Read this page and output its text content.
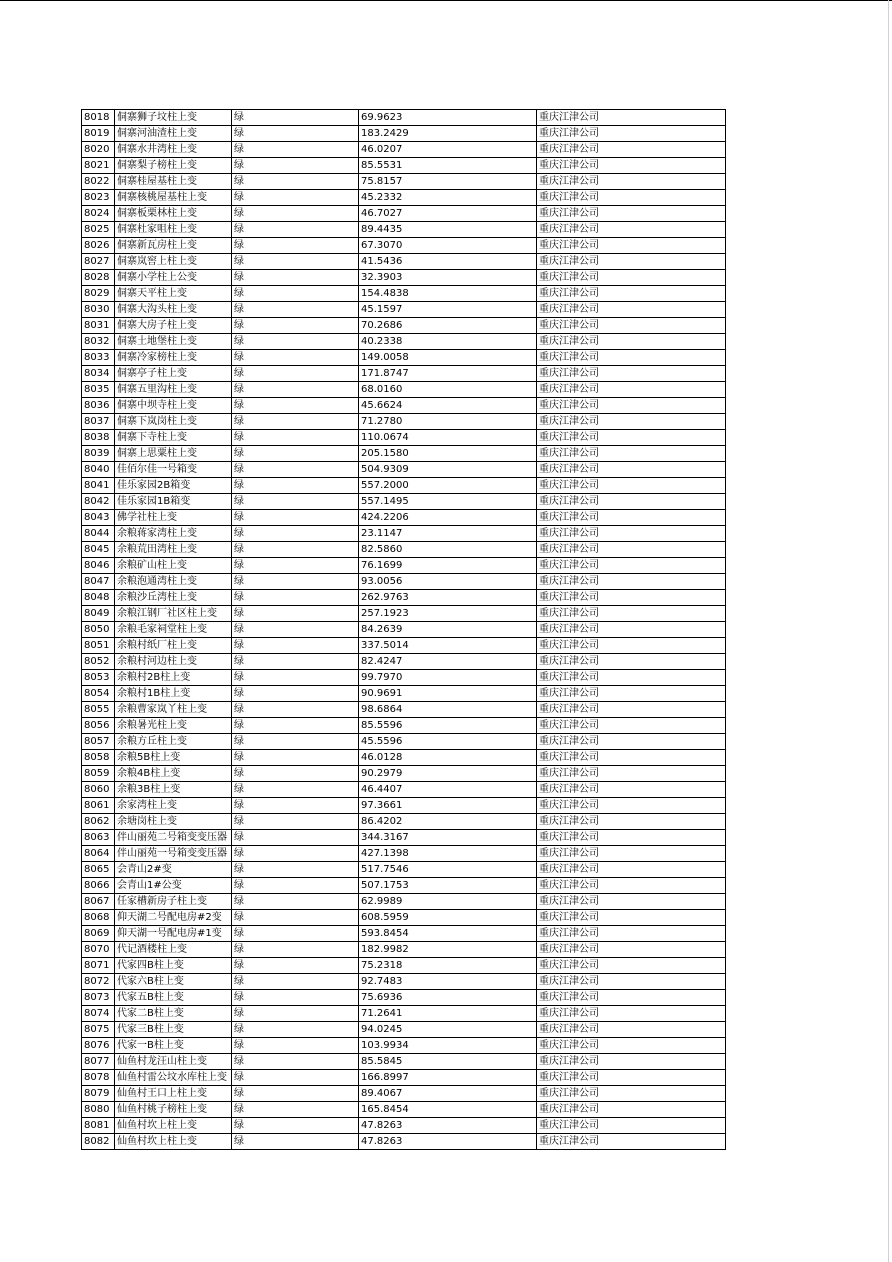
8018	侗寨狮子坟柱上变	绿	69.9623	重庆江津公司
8019	侗寨河油渣柱上变	绿	183.2429	重庆江津公司
8020	侗寨水井湾柱上变	绿	46.0207	重庆江津公司
8021	侗寨梨子榜柱上变	绿	85.5531	重庆江津公司
8022	侗寨桂屋基柱上变	绿	75.8157	重庆江津公司
8023	侗寨核桃屋基柱上变	绿	45.2332	重庆江津公司
8024	侗寨板栗林柱上变	绿	46.7027	重庆江津公司
8025	侗寨杜家咀柱上变	绿	89.4435	重庆江津公司
8026	侗寨新瓦房柱上变	绿	67.3070	重庆江津公司
8027	侗寨岚窖上柱上变	绿	41.5436	重庆江津公司
8028	侗寨小学柱上公变	绿	32.3903	重庆江津公司
8029	侗寨天平柱上变	绿	154.4838	重庆江津公司
8030	侗寨大沟头柱上变	绿	45.1597	重庆江津公司
8031	侗寨大房子柱上变	绿	70.2686	重庆江津公司
8032	侗寨土地堡柱上变	绿	40.2338	重庆江津公司
8033	侗寨冷家榜柱上变	绿	149.0058	重庆江津公司
8034	侗寨亭子柱上变	绿	171.8747	重庆江津公司
8035	侗寨五里沟柱上变	绿	68.0160	重庆江津公司
8036	侗寨中坝寺柱上变	绿	45.6624	重庆江津公司
8037	侗寨下岚岗柱上变	绿	71.2780	重庆江津公司
8038	侗寨下寺柱上变	绿	110.0674	重庆江津公司
8039	侗寨上思粟柱上变	绿	205.1580	重庆江津公司
8040	佳佰尔佳一号箱变	绿	504.9309	重庆江津公司
8041	佳乐家园2B箱变	绿	557.2000	重庆江津公司
8042	佳乐家园1B箱变	绿	557.1495	重庆江津公司
8043	佛学社柱上变	绿	424.2206	重庆江津公司
8044	余粮蒋家湾柱上变	绿	23.1147	重庆江津公司
8045	余粮荒田湾柱上变	绿	82.5860	重庆江津公司
8046	余粮矿山柱上变	绿	76.1699	重庆江津公司
8047	余粮泡通湾柱上变	绿	93.0056	重庆江津公司
8048	余粮沙丘湾柱上变	绿	262.9763	重庆江津公司
8049	余粮江钢厂社区柱上变	绿	257.1923	重庆江津公司
8050	余粮毛家祠堂柱上变	绿	84.2639	重庆江津公司
8051	余粮村纸厂柱上变	绿	337.5014	重庆江津公司
8052	余粮村河边柱上变	绿	82.4247	重庆江津公司
8053	余粮村2B柱上变	绿	99.7970	重庆江津公司
8054	余粮村1B柱上变	绿	90.9691	重庆江津公司
8055	余粮曹家岚丫柱上变	绿	98.6864	重庆江津公司
8056	余粮暑光柱上变	绿	85.5596	重庆江津公司
8057	余粮方丘柱上变	绿	45.5596	重庆江津公司
8058	余粮5B柱上变	绿	46.0128	重庆江津公司
8059	余粮4B柱上变	绿	90.2979	重庆江津公司
8060	余粮3B柱上变	绿	46.4407	重庆江津公司
8061	余家湾柱上变	绿	97.3661	重庆江津公司
8062	余塘岗柱上变	绿	86.4202	重庆江津公司
8063	伴山丽苑二号箱变变压器	绿	344.3167	重庆江津公司
8064	伴山丽苑一号箱变变压器	绿	427.1398	重庆江津公司
8065	会青山2#变	绿	517.7546	重庆江津公司
8066	会青山1#公变	绿	507.1753	重庆江津公司
8067	任家槽新房子柱上变	绿	62.9989	重庆江津公司
8068	仰天湖二号配电房#2变	绿	608.5959	重庆江津公司
8069	仰天湖一号配电房#1变	绿	593.8454	重庆江津公司
8070	代记酒楼柱上变	绿	182.9982	重庆江津公司
8071	代家四B柱上变	绿	75.2318	重庆江津公司
8072	代家六B柱上变	绿	92.7483	重庆江津公司
8073	代家五B柱上变	绿	75.6936	重庆江津公司
8074	代家二B柱上变	绿	71.2641	重庆江津公司
8075	代家三B柱上变	绿	94.0245	重庆江津公司
8076	代家一B柱上变	绿	103.9934	重庆江津公司
8077	仙鱼村龙汪山柱上变	绿	85.5845	重庆江津公司
8078	仙鱼村雷公坟水库柱上变	绿	166.8997	重庆江津公司
8079	仙鱼村王口上柱上变	绿	89.4067	重庆江津公司
8080	仙鱼村桃子榜柱上变	绿	165.8454	重庆江津公司
8081	仙鱼村坎上柱上变	绿	47.8263	重庆江津公司
8082	仙鱼村坎上柱上变	绿	47.8263	重庆江津公司
